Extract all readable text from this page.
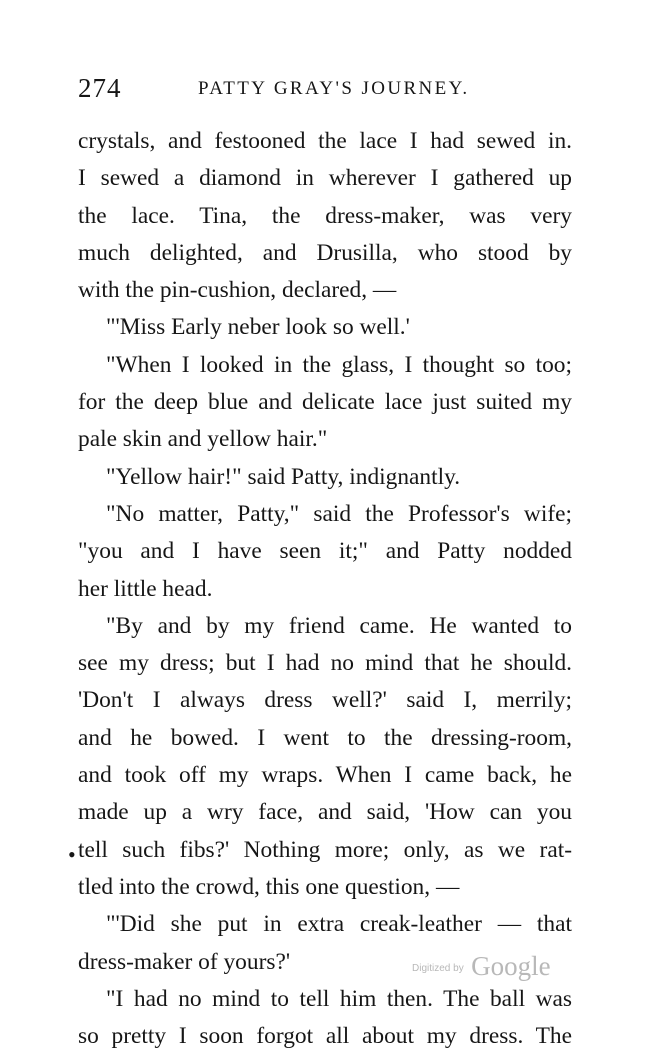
274	PATTY GRAY'S JOURNEY.
crystals, and festooned the lace I had sewed in.
I sewed a diamond in wherever I gathered up
the lace. Tina, the dress-maker, was very
much delighted, and Drusilla, who stood by
with the pin-cushion, declared, —
"'Miss Early neber look so well.'
"When I looked in the glass, I thought so too;
for the deep blue and delicate lace just suited my
pale skin and yellow hair."
"Yellow hair!" said Patty, indignantly.
"No matter, Patty," said the Professor's wife;
"you and I have seen it;" and Patty nodded
her little head.
"By and by my friend came. He wanted to
see my dress; but I had no mind that he should.
'Don't I always dress well?' said I, merrily;
and he bowed. I went to the dressing-room,
and took off my wraps. When I came back, he
made up a wry face, and said, 'How can you
tell such fibs?' Nothing more; only, as we rat-
tled into the crowd, this one question, —
"'Did she put in extra creak-leather — that
dress-maker of yours?'
"I had no mind to tell him then. The ball was
so pretty I soon forgot all about my dress. The
•
$^{Digitized by}$ Google
